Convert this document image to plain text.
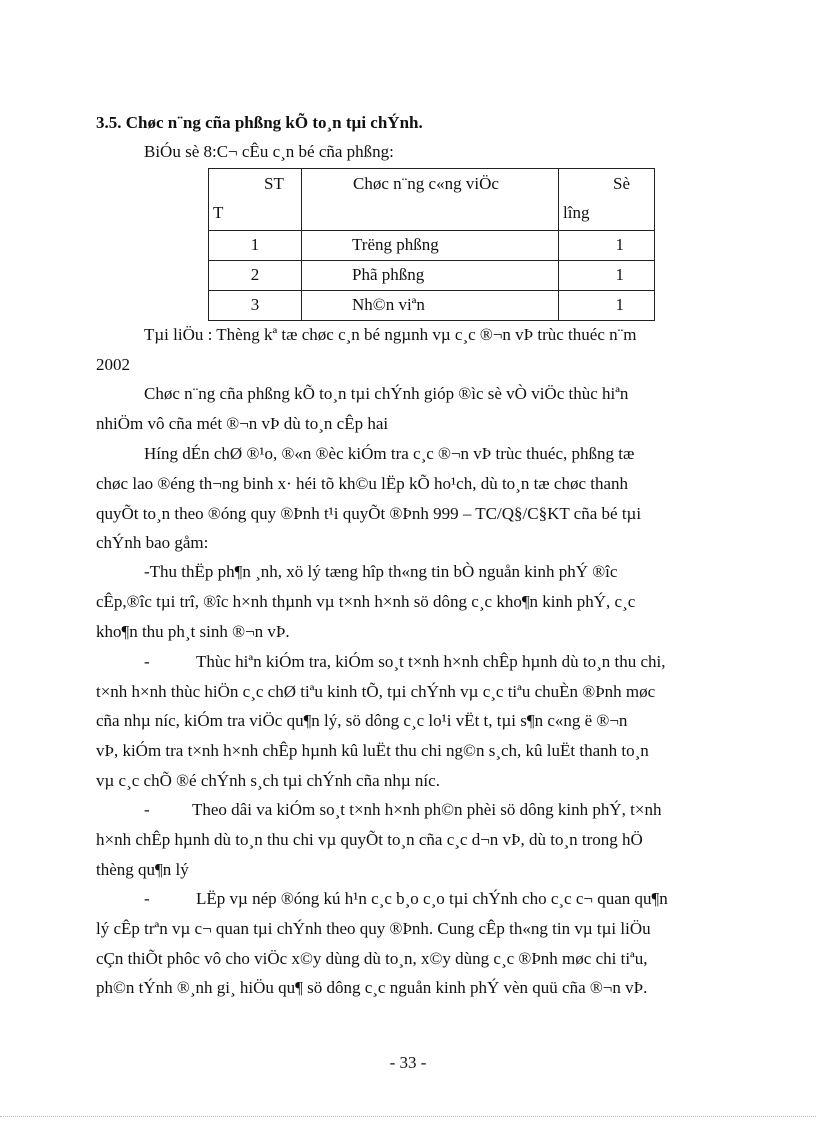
3.5. Chøc n¨ng cña phßng kÕ to¸n tµi chÝnh.
BiÓu sè 8:C¬ cÊu c¸n bé cña phßng:
ST
T	Chøc n¨ng c«ng viÖc	Sè
lîng

1	Trëng phßng	1
2	Phã phßng	1
3	Nh©n viªn	1
Tµi liÖu : Thèng kª tæ chøc c¸n bé ngµnh vµ c¸c ®¬n vÞ trùc thuéc n¨m
2002
Chøc n¨ng cña phßng kÕ to¸n tµi chÝnh gióp ®ìc sè vÒ viÖc thùc hiªn
nhiÖm vô cña mét ®¬n vÞ dù to¸n cÊp hai
Híng dÉn chØ ®¹o, ®«n ®èc kiÓm tra c¸c ®¬n vÞ trùc thuéc, phßng tæ
chøc lao ®éng th¬ng binh x· héi tõ kh©u lËp kÕ ho¹ch, dù to¸n tæ chøc thanh
quyÕt to¸n theo ®óng quy ®Þnh t¹i quyÕt ®Þnh 999 – TC/Q§/C§KT cña bé tµi
chÝnh bao gåm:
-Thu thËp ph¶n ¸nh, xö lý tæng hîp th«ng tin bÒ nguån kinh phÝ ®îc
cÊp,®îc tµi trî, ®îc h×nh thµnh vµ t×nh h×nh sö dông c¸c kho¶n kinh phÝ, c¸c
kho¶n thu ph¸t sinh ®¬n vÞ.
-	Thùc hiªn kiÓm tra, kiÓm so¸t t×nh h×nh chÊp hµnh dù to¸n thu chi,
t×nh h×nh thùc hiÖn c¸c chØ tiªu kinh tÕ, tµi chÝnh vµ c¸c tiªu chuÈn ®Þnh møc
cña nhµ níc, kiÓm tra viÖc qu¶n lý, sö dông c¸c lo¹i vËt t, tµi s¶n c«ng ë ®¬n
vÞ, kiÓm tra t×nh h×nh chÊp hµnh kû luËt thu chi ng©n s¸ch, kû luËt thanh to¸n
vµ c¸c chÕ ®é chÝnh s¸ch tµi chÝnh cña nhµ níc.
- Theo dâi va kiÓm so¸t t×nh h×nh ph©n phèi sö dông kinh phÝ, t×nh
h×nh chÊp hµnh dù to¸n thu chi vµ quyÕt to¸n cña c¸c d¬n vÞ, dù to¸n trong hÖ
thèng qu¶n lý
-	LËp vµ nép ®óng kú h¹n c¸c b¸o c¸o tµi chÝnh cho c¸c c¬ quan qu¶n
lý cÊp trªn vµ c¬ quan tµi chÝnh theo quy ®Þnh. Cung cÊp th«ng tin vµ tµi liÖu
cÇn thiÕt phôc vô cho viÖc x©y dùng dù to¸n, x©y dùng c¸c ®Þnh møc chi tiªu,
ph©n tÝnh ®¸nh gi¸ hiÖu qu¶ sö dông c¸c nguån kinh phÝ vèn quü cña ®¬n vÞ.
- 33 -
